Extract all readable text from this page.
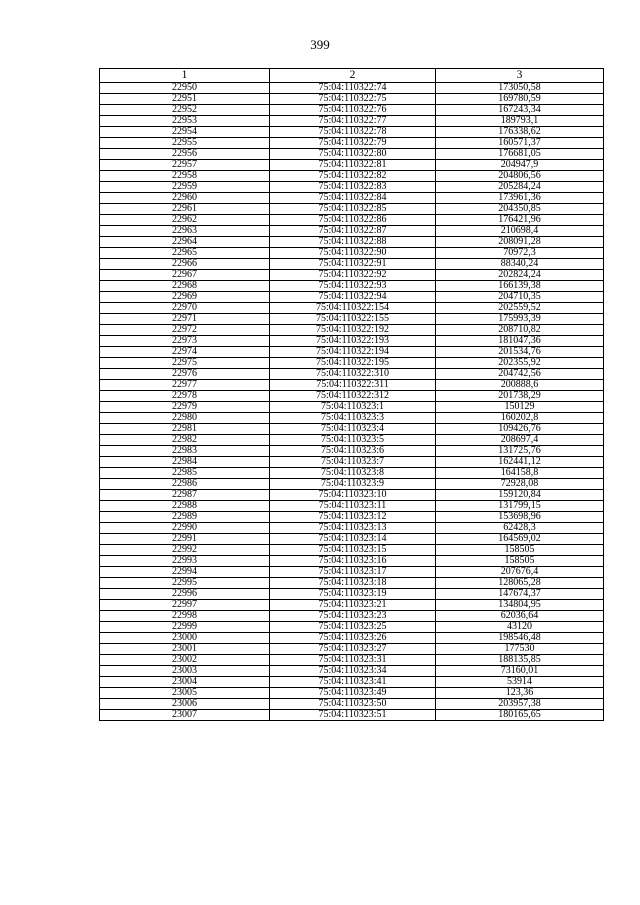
399
1	2	3
22950	75:04:110322:74	173050,58
22951	75:04:110322:75	169780,59
22952	75:04:110322:76	167243,34
22953	75:04:110322:77	189793,1
22954	75:04:110322:78	176338,62
22955	75:04:110322:79	160571,37
22956	75:04:110322:80	176681,05
22957	75:04:110322:81	204947,9
22958	75:04:110322:82	204806,56
22959	75:04:110322:83	205284,24
22960	75:04:110322:84	173961,36
22961	75:04:110322:85	204350,85
22962	75:04:110322:86	176421,96
22963	75:04:110322:87	210698,4
22964	75:04:110322:88	208091,28
22965	75:04:110322:90	70972,3
22966	75:04:110322:91	88340,24
22967	75:04:110322:92	202824,24
22968	75:04:110322:93	166139,38
22969	75:04:110322:94	204710,35
22970	75:04:110322:154	202559,52
22971	75:04:110322:155	175993,39
22972	75:04:110322:192	208710,82
22973	75:04:110322:193	181047,36
22974	75:04:110322:194	201534,76
22975	75:04:110322:195	202355,92
22976	75:04:110322:310	204742,56
22977	75:04:110322:311	200888,6
22978	75:04:110322:312	201738,29
22979	75:04:110323:1	150129
22980	75:04:110323:3	160202,8
22981	75:04:110323:4	109426,76
22982	75:04:110323:5	208697,4
22983	75:04:110323:6	131725,76
22984	75:04:110323:7	162441,12
22985	75:04:110323:8	164158,8
22986	75:04:110323:9	72928,08
22987	75:04:110323:10	159120,84
22988	75:04:110323:11	131799,15
22989	75:04:110323:12	153698,96
22990	75:04:110323:13	62428,3
22991	75:04:110323:14	164569,02
22992	75:04:110323:15	158505
22993	75:04:110323:16	158505
22994	75:04:110323:17	207676,4
22995	75:04:110323:18	128065,28
22996	75:04:110323:19	147674,37
22997	75:04:110323:21	134804,95
22998	75:04:110323:23	62036,64
22999	75:04:110323:25	43120
23000	75:04:110323:26	198546,48
23001	75:04:110323:27	177530
23002	75:04:110323:31	188135,85
23003	75:04:110323:34	73160,01
23004	75:04:110323:41	53914
23005	75:04:110323:49	123,36
23006	75:04:110323:50	203957,38
23007	75:04:110323:51	180165,65
